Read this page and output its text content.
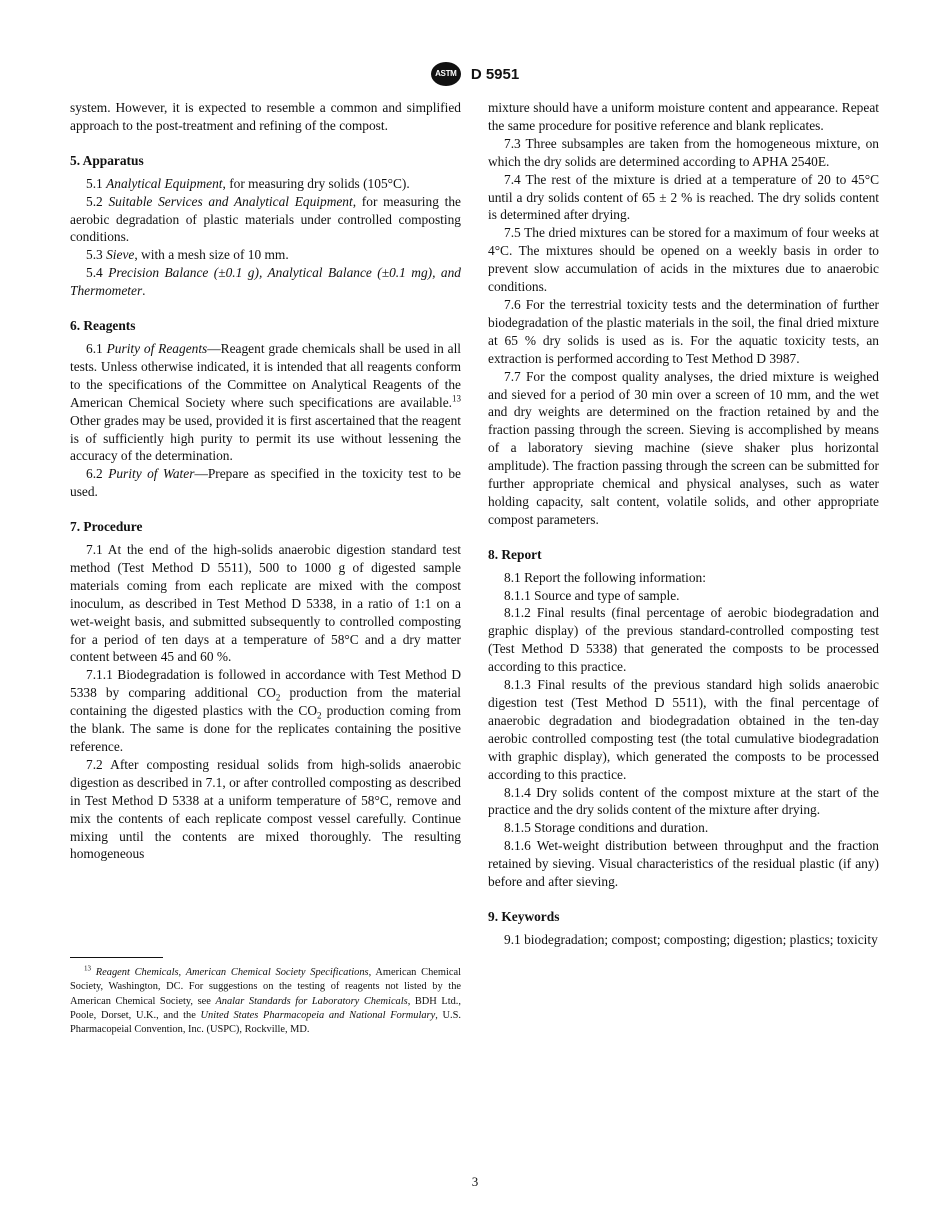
ASTM D 5951

system. However, it is expected to resemble a common and simplified approach to the post-treatment and refining of the compost.

5. Apparatus

5.1 Analytical Equipment, for measuring dry solids (105°C).

5.2 Suitable Services and Analytical Equipment, for measuring the aerobic degradation of plastic materials under controlled composting conditions.

5.3 Sieve, with a mesh size of 10 mm.

5.4 Precision Balance (±0.1 g), Analytical Balance (±0.1 mg), and Thermometer.

6. Reagents

6.1 Purity of Reagents—Reagent grade chemicals shall be used in all tests. Unless otherwise indicated, it is intended that all reagents conform to the specifications of the Committee on Analytical Reagents of the American Chemical Society where such specifications are available.$^{13}$ Other grades may be used, provided it is first ascertained that the reagent is of sufficiently high purity to permit its use without lessening the accuracy of the determination.

6.2 Purity of Water—Prepare as specified in the toxicity test to be used.

7. Procedure

7.1 At the end of the high-solids anaerobic digestion standard test method (Test Method D 5511), 500 to 1000 g of digested sample materials coming from each replicate are mixed with the compost inoculum, as described in Test Method D 5338, in a ratio of 1:1 on a wet-weight basis, and submitted subsequently to controlled composting for a period of ten days at a temperature of 58°C and a dry matter content between 45 and 60 %.

7.1.1 Biodegradation is followed in accordance with Test Method D 5338 by comparing additional $CO_2$ production from the material containing the digested plastics with the $CO_2$ production coming from the blank. The same is done for the replicates containing the positive reference.

7.2 After composting residual solids from high-solids anaerobic digestion as described in 7.1, or after controlled composting as described in Test Method D 5338 at a uniform temperature of 58°C, remove and mix the contents of each replicate compost vessel carefully. Continue mixing until the contents are mixed thoroughly. The resulting homogeneous

$^{13}$ Reagent Chemicals, American Chemical Society Specifications, American Chemical Society, Washington, DC. For suggestions on the testing of reagents not listed by the American Chemical Society, see Analar Standards for Laboratory Chemicals, BDH Ltd., Poole, Dorset, U.K., and the United States Pharmacopeia and National Formulary, U.S. Pharmacopeial Convention, Inc. (USPC), Rockville, MD.

mixture should have a uniform moisture content and appearance. Repeat the same procedure for positive reference and blank replicates.

7.3 Three subsamples are taken from the homogeneous mixture, on which the dry solids are determined according to APHA 2540E.

7.4 The rest of the mixture is dried at a temperature of 20 to 45°C until a dry solids content of 65 ± 2 % is reached. The dry solids content is determined after drying.

7.5 The dried mixtures can be stored for a maximum of four weeks at 4°C. The mixtures should be opened on a weekly basis in order to prevent slow accumulation of acids in the mixtures due to anaerobic conditions.

7.6 For the terrestrial toxicity tests and the determination of further biodegradation of the plastic materials in the soil, the final dried mixture at 65 % dry solids is used as is. For the aquatic toxicity tests, an extraction is performed according to Test Method D 3987.

7.7 For the compost quality analyses, the dried mixture is weighed and sieved for a period of 30 min over a screen of 10 mm, and the wet and dry weights are determined on the fraction retained by and the fraction passing through the screen. Sieving is accomplished by means of a laboratory sieving machine (sieve shaker plus horizontal amplitude). The fraction passing through the screen can be submitted for further appropriate chemical and physical analyses, such as water holding capacity, salt content, volatile solids, and other appropriate compost parameters.

8. Report

8.1 Report the following information:

8.1.1 Source and type of sample.

8.1.2 Final results (final percentage of aerobic biodegradation and graphic display) of the previous standard-controlled composting test (Test Method D 5338) that generated the composts to be processed according to this practice.

8.1.3 Final results of the previous standard high solids anaerobic digestion test (Test Method D 5511), with the final percentage of anaerobic degradation and biodegradation obtained in the ten-day aerobic controlled composting test (the total cumulative biodegradation with graphic display), which generated the composts to be processed according to this practice.

8.1.4 Dry solids content of the compost mixture at the start of the practice and the dry solids content of the mixture after drying.

8.1.5 Storage conditions and duration.

8.1.6 Wet-weight distribution between throughput and the fraction retained by sieving. Visual characteristics of the residual plastic (if any) before and after sieving.

9. Keywords

9.1 biodegradation; compost; composting; digestion; plastics; toxicity

3
